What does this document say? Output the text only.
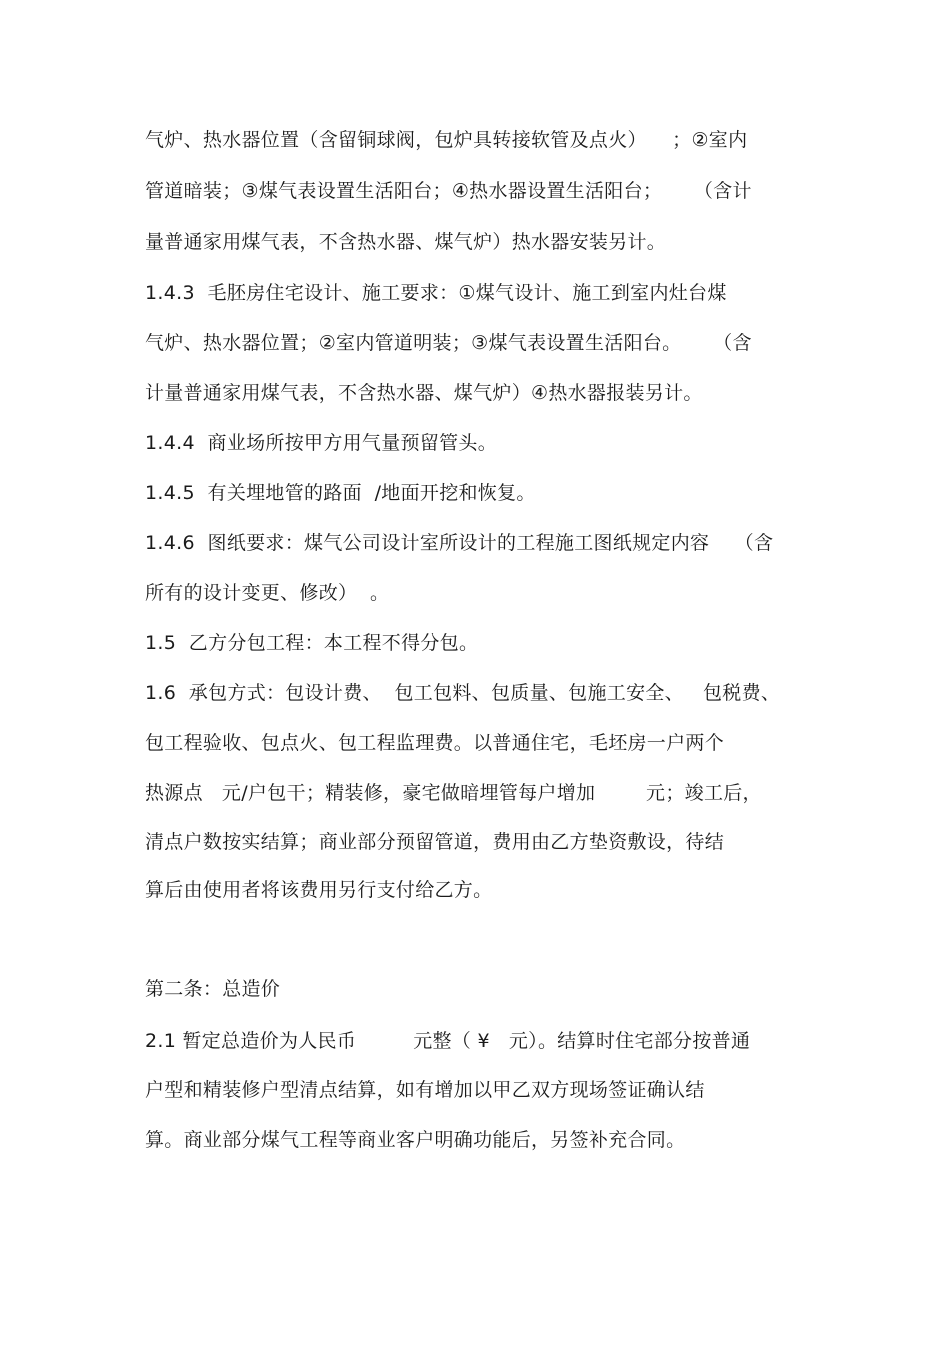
气炉、热水器位置（含留铜球阀，包炉具转接软管及点火）    ；②室内
管道暗装；③煤气表设置生活阳台；④热水器设置生活阳台；     （含计
量普通家用煤气表，不含热水器、煤气炉）热水器安装另计。
1.4.3  毛胚房住宅设计、施工要求：①煤气设计、施工到室内灶台煤
气炉、热水器位置；②室内管道明装；③煤气表设置生活阳台。     （含
计量普通家用煤气表，不含热水器、煤气炉）④热水器报装另计。
1.4.4  商业场所按甲方用气量预留管头。
1.4.5  有关埋地管的路面  /地面开挖和恢复。
1.4.6  图纸要求：煤气公司设计室所设计的工程施工图纸规定内容    （含
所有的设计变更、修改）  。
1.5  乙方分包工程：本工程不得分包。
1.6  承包方式：包设计费、  包工包料、包质量、包施工安全、   包税费、
包工程验收、包点火、包工程监理费。以普通住宅，毛坯房一户两个
热源点   元/户包干；精装修，豪宅做暗埋管每户增加        元；竣工后，
清点户数按实结算；商业部分预留管道，费用由乙方垫资敷设，待结
算后由使用者将该费用另行支付给乙方。
第二条：总造价
2.1 暂定总造价为人民币         元整（ ¥   元）。结算时住宅部分按普通
户型和精装修户型清点结算，如有增加以甲乙双方现场签证确认结
算。商业部分煤气工程等商业客户明确功能后，另签补充合同。
